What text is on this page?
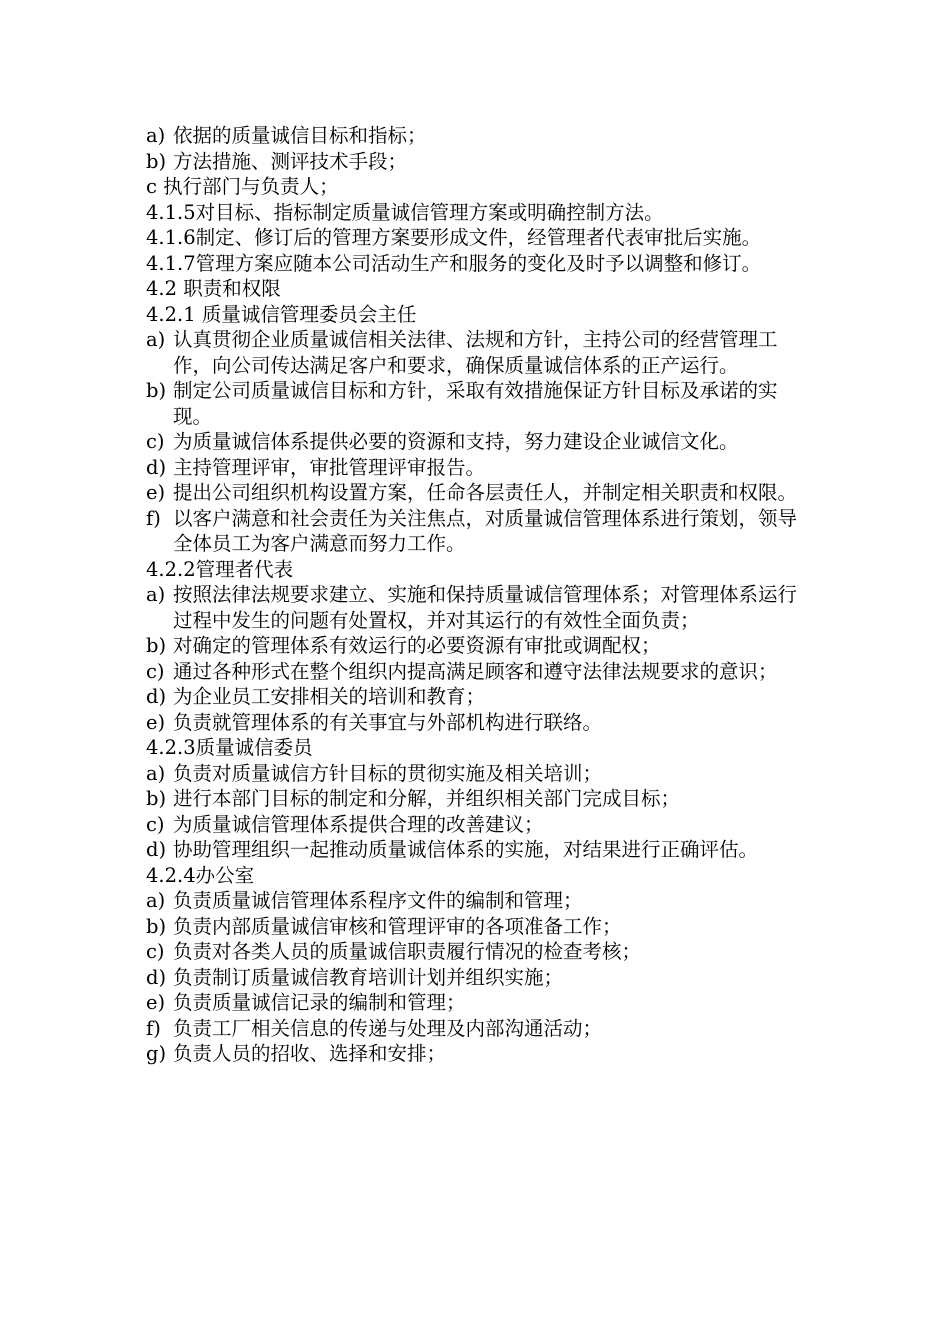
a) 依据的质量诚信目标和指标；
b) 方法措施、测评技术手段；
c 执行部门与负责人；
4.1.5对目标、指标制定质量诚信管理方案或明确控制方法。
4.1.6制定、修订后的管理方案要形成文件，经管理者代表审批后实施。
4.1.7管理方案应随本公司活动生产和服务的变化及时予以调整和修订。
4.2 职责和权限
4.2.1 质量诚信管理委员会主任
a) 认真贯彻企业质量诚信相关法律、法规和方针，主持公司的经营管理工作，向公司传达满足客户和要求，确保质量诚信体系的正产运行。
b) 制定公司质量诚信目标和方针，采取有效措施保证方针目标及承诺的实现。
c) 为质量诚信体系提供必要的资源和支持，努力建设企业诚信文化。
d) 主持管理评审，审批管理评审报告。
e) 提出公司组织机构设置方案，任命各层责任人，并制定相关职责和权限。
f) 以客户满意和社会责任为关注焦点，对质量诚信管理体系进行策划，领导全体员工为客户满意而努力工作。
4.2.2管理者代表
a) 按照法律法规要求建立、实施和保持质量诚信管理体系；对管理体系运行过程中发生的问题有处置权，并对其运行的有效性全面负责；
b) 对确定的管理体系有效运行的必要资源有审批或调配权；
c) 通过各种形式在整个组织内提高满足顾客和遵守法律法规要求的意识；
d) 为企业员工安排相关的培训和教育；
e) 负责就管理体系的有关事宜与外部机构进行联络。
4.2.3质量诚信委员
a) 负责对质量诚信方针目标的贯彻实施及相关培训；
b) 进行本部门目标的制定和分解，并组织相关部门完成目标；
c) 为质量诚信管理体系提供合理的改善建议；
d) 协助管理组织一起推动质量诚信体系的实施，对结果进行正确评估。
4.2.4办公室
a) 负责质量诚信管理体系程序文件的编制和管理；
b) 负责内部质量诚信审核和管理评审的各项准备工作；
c) 负责对各类人员的质量诚信职责履行情况的检查考核；
d) 负责制订质量诚信教育培训计划并组织实施；
e) 负责质量诚信记录的编制和管理；
f) 负责工厂相关信息的传递与处理及内部沟通活动；
g) 负责人员的招收、选择和安排；
